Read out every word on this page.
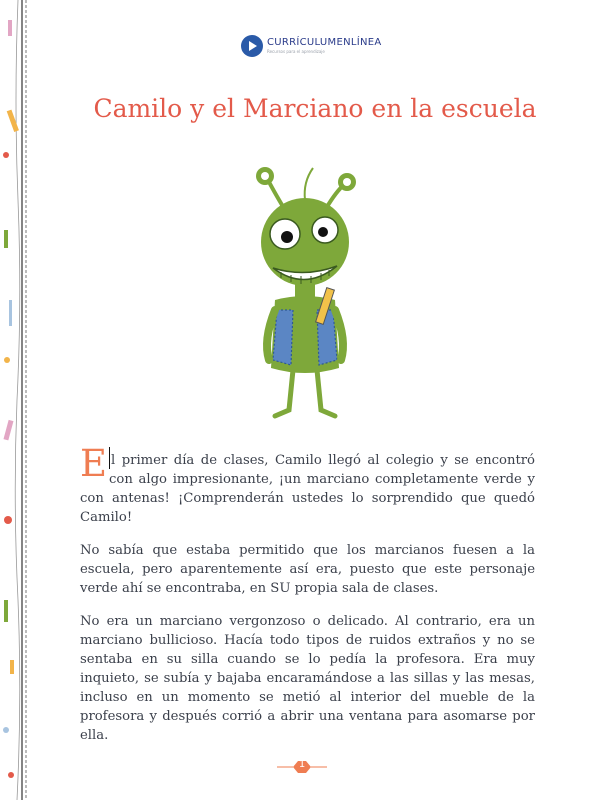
CURRÍCULUMENLÍNEA
Recursos para el aprendizaje
Camilo y el Marciano en la escuela

El primer día de clases, Camilo llegó al colegio y se encontró con algo impresionante, ¡un marciano completamente verde y con antenas! ¡Comprenderán ustedes lo sorprendido que quedó Camilo!

No sabía que estaba permitido que los marcianos fuesen a la escuela, pero aparentemente así era, puesto que este personaje verde ahí se encontraba, en SU propia sala de clases.

No era un marciano vergonzoso o delicado. Al contrario, era un marciano bullicioso. Hacía todo tipos de ruidos extraños y no se sentaba en su silla cuando se lo pedía la profesora. Era muy inquieto, se subía y bajaba encaramándose a las sillas y las mesas, incluso en un momento se metió al interior del mueble de la profesora y después corrió a abrir una ventana para asomarse por ella.

1
